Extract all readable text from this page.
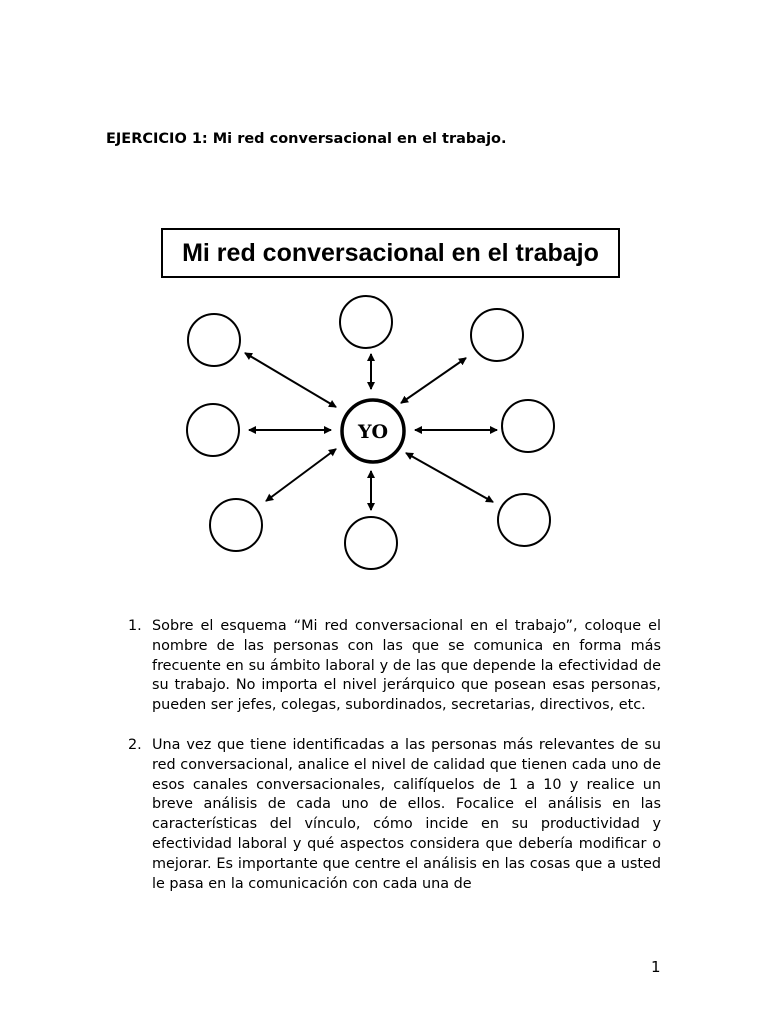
EJERCICIO 1: Mi red conversacional en el trabajo.
Mi red conversacional en el trabajo
YO
1. Sobre el esquema “Mi red conversacional en el trabajo”, coloque el nombre de las personas con las que se comunica en forma más frecuente en su ámbito laboral y de las que depende la efectividad de su trabajo. No importa el nivel jerárquico que posean esas personas, pueden ser jefes, colegas, subordinados, secretarias, directivos, etc.
2. Una vez que tiene identificadas a las personas más relevantes de su red conversacional, analice el nivel de calidad que tienen cada uno de esos canales conversacionales, califíquelos de 1 a 10 y realice un breve análisis de cada uno de ellos. Focalice el análisis en las características del vínculo, cómo incide en su productividad y efectividad laboral y qué aspectos considera que debería modificar o mejorar. Es importante que centre el análisis en las cosas que a usted le pasa en la comunicación con cada una de
1
